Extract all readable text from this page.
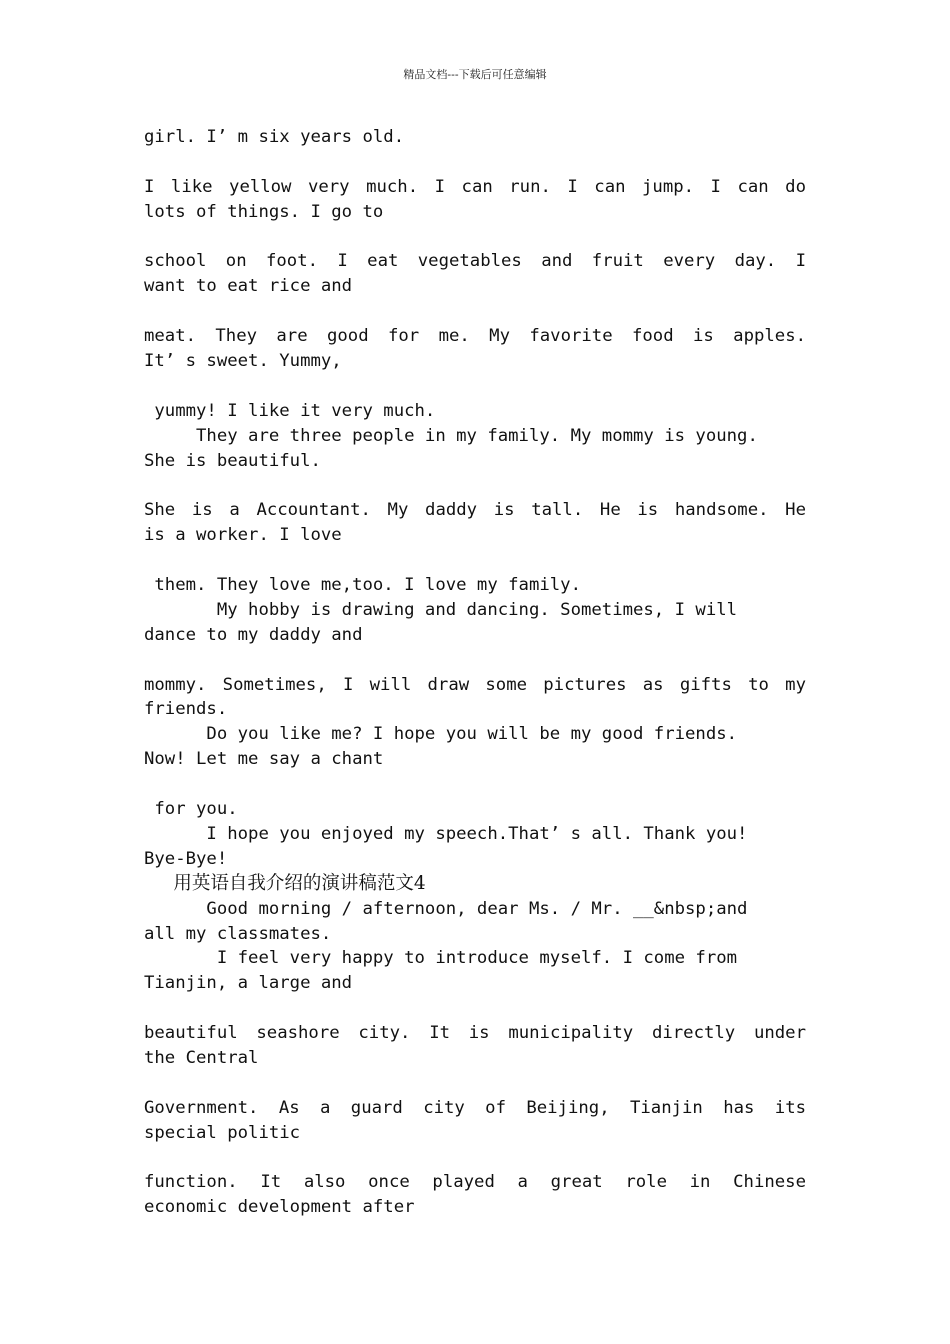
精品文档---下载后可任意编辑
girl. I’ m six years old.
I like yellow very much. I can run. I can jump. I can do
lots of things. I go to
school on foot. I eat vegetables and fruit every day. I
want to eat rice and
meat. They are good for me. My favorite food is apples.
It’ s sweet. Yummy,
yummy! I like it very much.
They are three people in my family. My mommy is young.
She is beautiful.
She is a Accountant. My daddy is tall. He is handsome. He
is a worker. I love
them. They love me,too. I love my family.
My hobby is drawing and dancing. Sometimes, I will
dance to my daddy and
mommy. Sometimes, I will draw some pictures as gifts to my
friends.
Do you like me? I hope you will be my good friends.
Now! Let me say a chant
for you.
I hope you enjoyed my speech.That’ s all. Thank you!
Bye-Bye!
用英语自我介绍的演讲稿范文4
Good morning / afternoon, dear Ms. / Mr. __&nbsp;and
all my classmates.
I feel very happy to introduce myself. I come from
Tianjin, a large and
beautiful seashore city. It is municipality directly under
the Central
Government. As a guard city of Beijing, Tianjin has its
special politic
function. It also once played a great role in Chinese
economic development after
